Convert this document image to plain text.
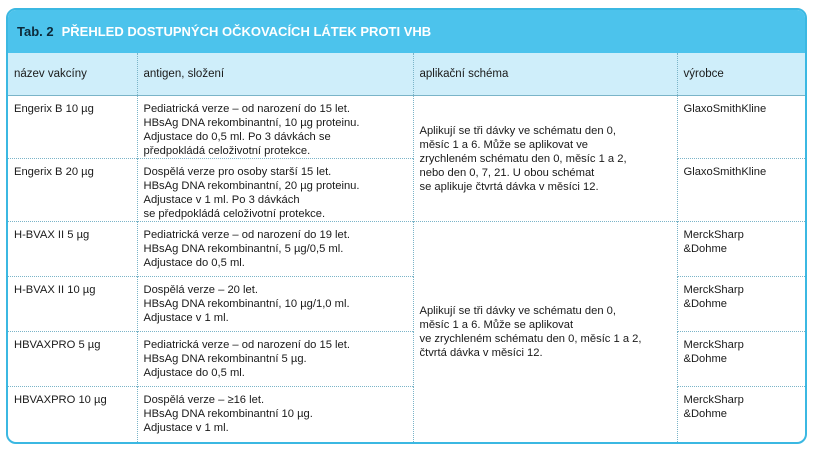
Tab. 2 PŘEHLED DOSTUPNÝCH OČKOVACÍCH LÁTEK PROTI VHB
název vakcíny	antigen, složení	aplikační schéma	výrobce
Engerix B 10 µg	Pediatrická verze – od narození do 15 let.
HBsAg DNA rekombinantní, 10 µg proteinu.
Adjustace do 0,5 ml. Po 3 dávkách se
předpokládá celoživotní protekce.	Aplikují se tři dávky ve schématu den 0,
měsíc 1 a 6. Může se aplikovat ve
zrychleném schématu den 0, měsíc 1 a 2,
nebo den 0, 7, 21. U obou schémat
se aplikuje čtvrtá dávka v měsíci 12.	GlaxoSmithKline
Engerix B 20 µg	Dospělá verze pro osoby starší 15 let.
HBsAg DNA rekombinantní, 20 µg proteinu.
Adjustace v 1 ml. Po 3 dávkách
se předpokládá celoživotní protekce.		GlaxoSmithKline
H-BVAX II 5 µg	Pediatrická verze – od narození do 19 let.
HBsAg DNA rekombinantní, 5 µg/0,5 ml.
Adjustace do 0,5 ml.	Aplikují se tři dávky ve schématu den 0,
měsíc 1 a 6. Může se aplikovat
ve zrychleném schématu den 0, měsíc 1 a 2,
čtvrtá dávka v měsíci 12.	MerckSharp
&Dohme
H-BVAX II 10 µg	Dospělá verze – 20 let.
HBsAg DNA rekombinantní, 10 µg/1,0 ml.
Adjustace v 1 ml.		MerckSharp
&Dohme
HBVAXPRO 5 µg	Pediatrická verze – od narození do 15 let.
HBsAg DNA rekombinantní 5 µg.
Adjustace do 0,5 ml.		MerckSharp
&Dohme
HBVAXPRO 10 µg	Dospělá verze – ≥16 let.
HBsAg DNA rekombinantní 10 µg.
Adjustace v 1 ml.		MerckSharp
&Dohme
